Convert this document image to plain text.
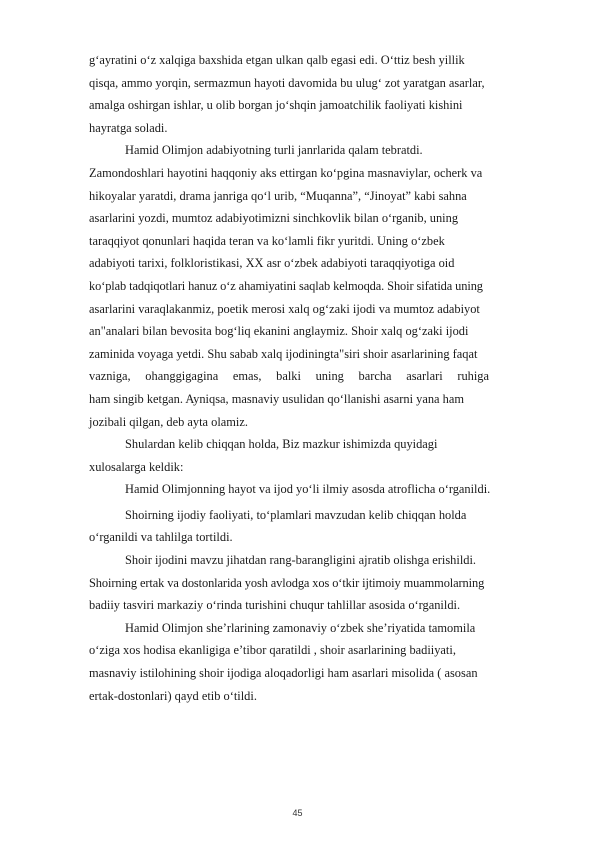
g‘ayratini o‘z xalqiga baxshida etgan ulkan qalb egasi edi. O‘ttiz besh yillik
qisqa, ammo yorqin, sermazmun hayoti davomida bu ulug‘ zot yaratgan asarlar,
amalga oshirgan ishlar, u olib borgan jo‘shqin jamoatchilik faoliyati kishini
hayratga soladi.
Hamid Olimjon adabiyotning turli janrlarida qalam tebratdi.
Zamondoshlari hayotini haqqoniy aks ettirgan ko‘pgina masnaviylar, ocherk va
hikoyalar yaratdi, drama janriga qo‘l urib, “Muqanna”, “Jinoyat” kabi sahna
asarlarini yozdi, mumtoz adabiyotimizni sinchkovlik bilan o‘rganib, uning
taraqqiyot qonunlari haqida teran va ko‘lamli fikr yuritdi. Uning o‘zbek
adabiyoti tarixi, folkloristikasi, XX asr o‘zbek adabiyoti taraqqiyotiga oid
ko‘plab tadqiqotlari hanuz o‘z ahamiyatini saqlab kelmoqda. Shoir sifatida uning
asarlarini varaqlakanmiz, poetik merosi xalq og‘zaki ijodi va mumtoz adabiyot
an"analari bilan bevosita bog‘liq ekanini anglaymiz. Shoir xalq og‘zaki ijodi
zaminida voyaga yetdi. Shu sabab xalq ijodiningta"siri shoir asarlarining faqat
vazniga, ohanggigagina emas, balki uning barcha asarlari ruhiga
ham singib ketgan. Ayniqsa, masnaviy usulidan qo‘llanishi asarni yana ham
jozibali qilgan, deb ayta olamiz.
Shulardan kelib chiqqan holda, Biz mazkur ishimizda quyidagi
xulosalarga keldik:
Hamid Olimjonning hayot va ijod yo‘li ilmiy asosda atroflicha o‘rganildi.
Shoirning ijodiy faoliyati, to‘plamlari mavzudan kelib chiqqan holda
o‘rganildi va tahlilga tortildi.
Shoir ijodini mavzu jihatdan rang-barangligini ajratib olishga erishildi.
Shoirning ertak va dostonlarida yosh avlodga xos o‘tkir ijtimoiy muammolarning
badiiy tasviri markaziy o‘rinda turishini chuqur tahlillar asosida o‘rganildi.
Hamid Olimjon she’rlarining zamonaviy o‘zbek she’riyatida tamomila
o‘ziga xos hodisa ekanligiga e’tibor qaratildi , shoir asarlarining badiiyati,
masnaviy istilohining shoir ijodiga aloqadorligi ham asarlari misolida ( asosan
ertak-dostonlari) qayd etib o‘tildi.
45
